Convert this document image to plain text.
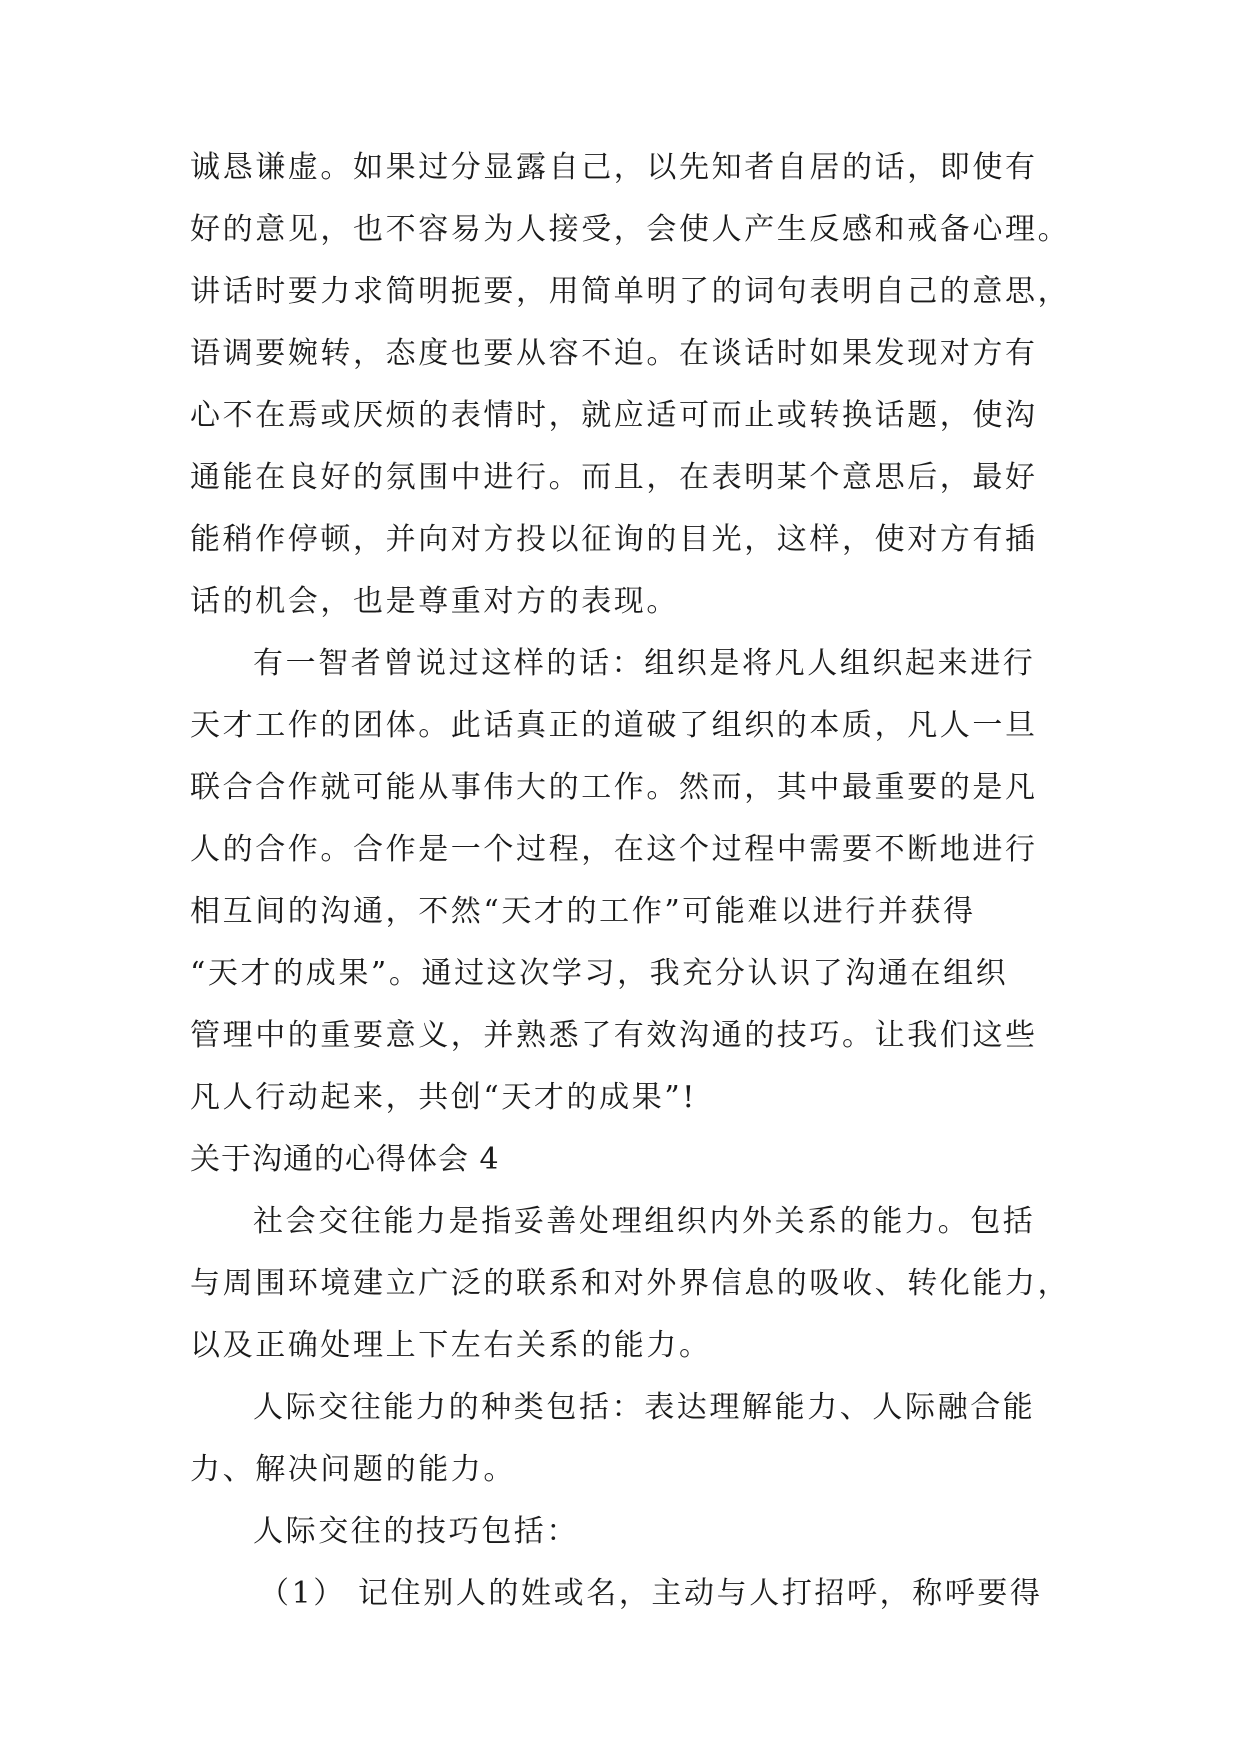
诚恳谦虚。如果过分显露自己，以先知者自居的话，即使有
好的意见，也不容易为人接受，会使人产生反感和戒备心理。
讲话时要力求简明扼要，用简单明了的词句表明自己的意思，
语调要婉转，态度也要从容不迫。在谈话时如果发现对方有
心不在焉或厌烦的表情时，就应适可而止或转换话题，使沟
通能在良好的氛围中进行。而且，在表明某个意思后，最好
能稍作停顿，并向对方投以征询的目光，这样，使对方有插
话的机会，也是尊重对方的表现。
有一智者曾说过这样的话：组织是将凡人组织起来进行
天才工作的团体。此话真正的道破了组织的本质，凡人一旦
联合合作就可能从事伟大的工作。然而，其中最重要的是凡
人的合作。合作是一个过程，在这个过程中需要不断地进行
相互间的沟通，不然“天才的工作”可能难以进行并获得
“天才的成果”。通过这次学习，我充分认识了沟通在组织
管理中的重要意义，并熟悉了有效沟通的技巧。让我们这些
凡人行动起来，共创“天才的成果”!
关于沟通的心得体会 4
社会交往能力是指妥善处理组织内外关系的能力。包括
与周围环境建立广泛的联系和对外界信息的吸收、转化能力，
以及正确处理上下左右关系的能力。
人际交往能力的种类包括：表达理解能力、人际融合能
力、解决问题的能力。
人际交往的技巧包括：
（1） 记住别人的姓或名，主动与人打招呼，称呼要得
